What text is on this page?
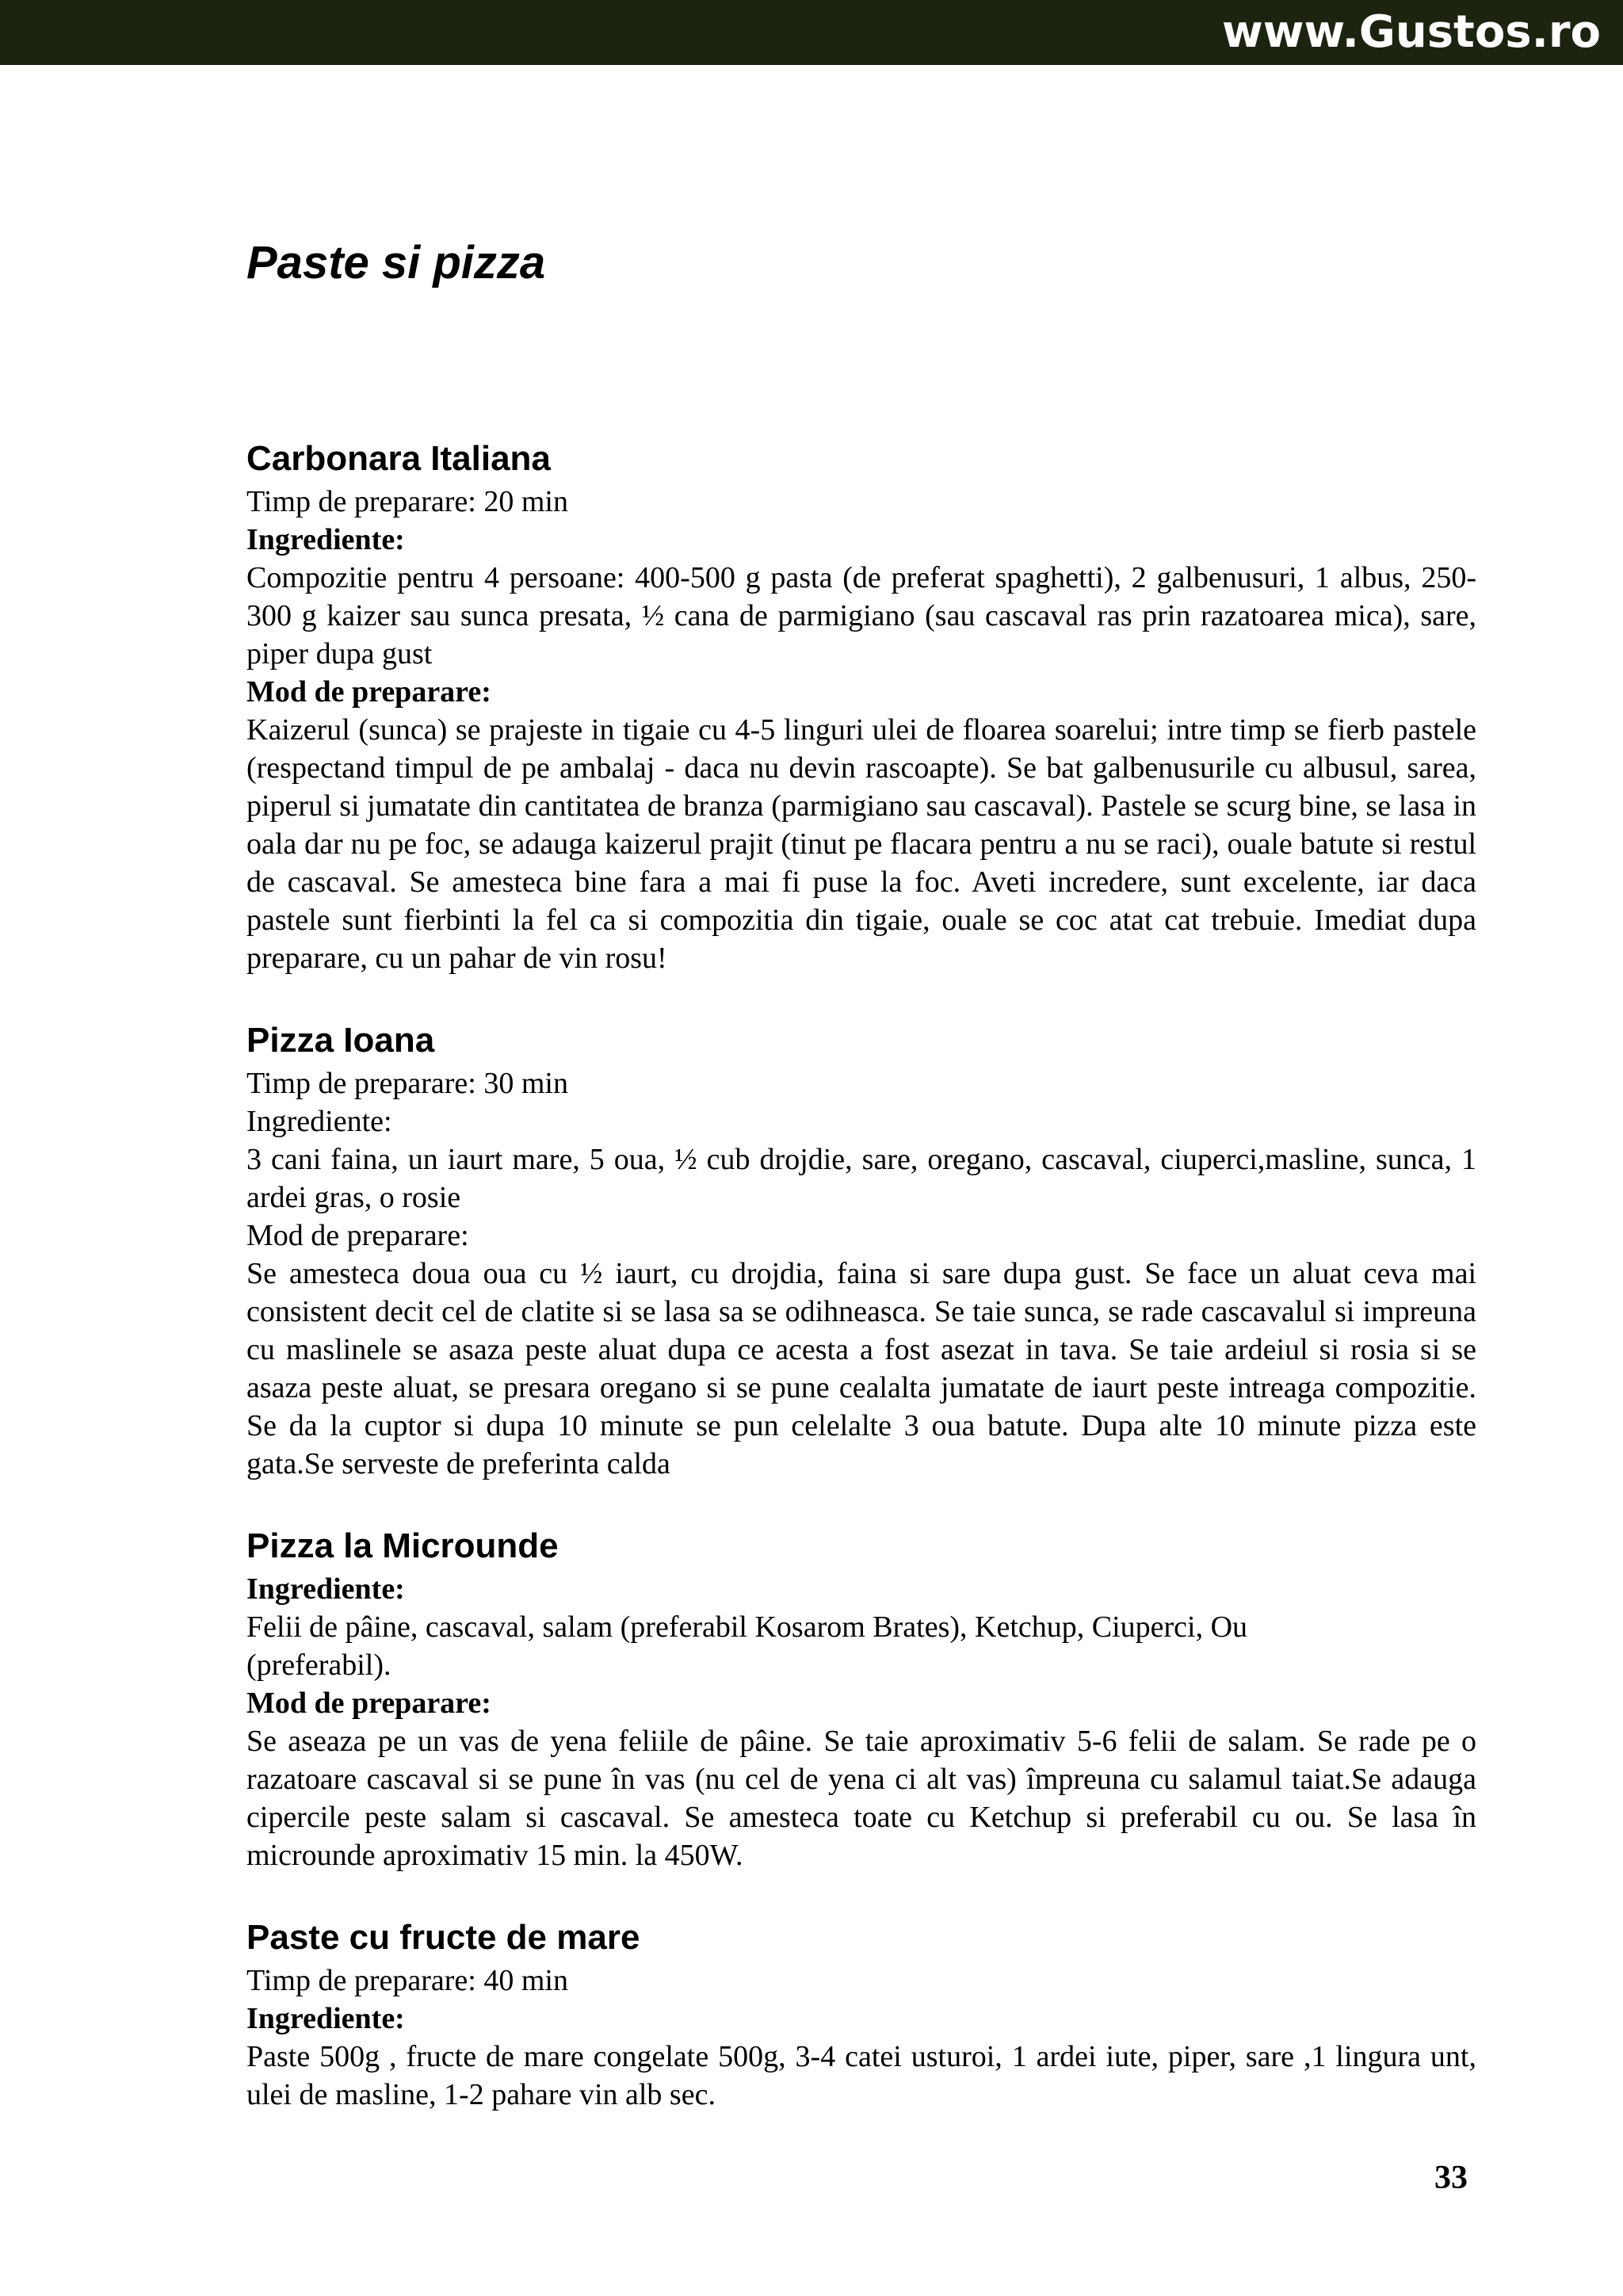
www.Gustos.ro
Paste si pizza
Carbonara Italiana

Timp de preparare: 20 min

Ingrediente:

Compozitie pentru 4 persoane: 400-500 g pasta (de preferat spaghetti), 2 galbenusuri, 1 albus, 250-300 g kaizer sau sunca presata, ½ cana de parmigiano (sau cascaval ras prin razatoarea mica), sare, piper dupa gust

Mod de preparare:

Kaizerul (sunca) se prajeste in tigaie cu 4-5 linguri ulei de floarea soarelui; intre timp se fierb pastele (respectand timpul de pe ambalaj - daca nu devin rascoapte). Se bat galbenusurile cu albusul, sarea, piperul si jumatate din cantitatea de branza (parmigiano sau cascaval). Pastele se scurg bine, se lasa in oala dar nu pe foc, se adauga kaizerul prajit (tinut pe flacara pentru a nu se raci), ouale batute si restul de cascaval. Se amesteca bine fara a mai fi puse la foc. Aveti incredere, sunt excelente, iar daca pastele sunt fierbinti la fel ca si compozitia din tigaie, ouale se coc atat cat trebuie. Imediat dupa preparare, cu un pahar de vin rosu!

Pizza Ioana

Timp de preparare: 30 min

Ingrediente:

3 cani faina, un iaurt mare, 5 oua, ½ cub drojdie, sare, oregano, cascaval, ciuperci,masline, sunca, 1 ardei gras, o rosie

Mod de preparare:

Se amesteca doua oua cu ½ iaurt, cu drojdia, faina si sare dupa gust. Se face un aluat ceva mai consistent decit cel de clatite si se lasa sa se odihneasca. Se taie sunca, se rade cascavalul si impreuna cu maslinele se asaza peste aluat dupa ce acesta a fost asezat in tava. Se taie ardeiul si rosia si se asaza peste aluat, se presara oregano si se pune cealalta jumatate de iaurt peste intreaga compozitie. Se da la cuptor si dupa 10 minute se pun celelalte 3 oua batute. Dupa alte 10 minute pizza este gata.Se serveste de preferinta calda

Pizza la Microunde

Ingrediente:

Felii de pâine, cascaval, salam (preferabil Kosarom Brates), Ketchup, Ciuperci, Ou

(preferabil).

Mod de preparare:

Se aseaza pe un vas de yena feliile de pâine. Se taie aproximativ 5-6 felii de salam. Se rade pe o razatoare cascaval si se pune în vas (nu cel de yena ci alt vas) împreuna cu salamul taiat.Se adauga cipercile peste salam si cascaval. Se amesteca toate cu Ketchup si preferabil cu ou. Se lasa în microunde aproximativ 15 min. la 450W.

Paste cu fructe de mare

Timp de preparare: 40 min

Ingrediente:

Paste 500g , fructe de mare congelate 500g, 3-4 catei usturoi, 1 ardei iute, piper, sare ,1 lingura unt, ulei de masline, 1-2 pahare vin alb sec.

33
